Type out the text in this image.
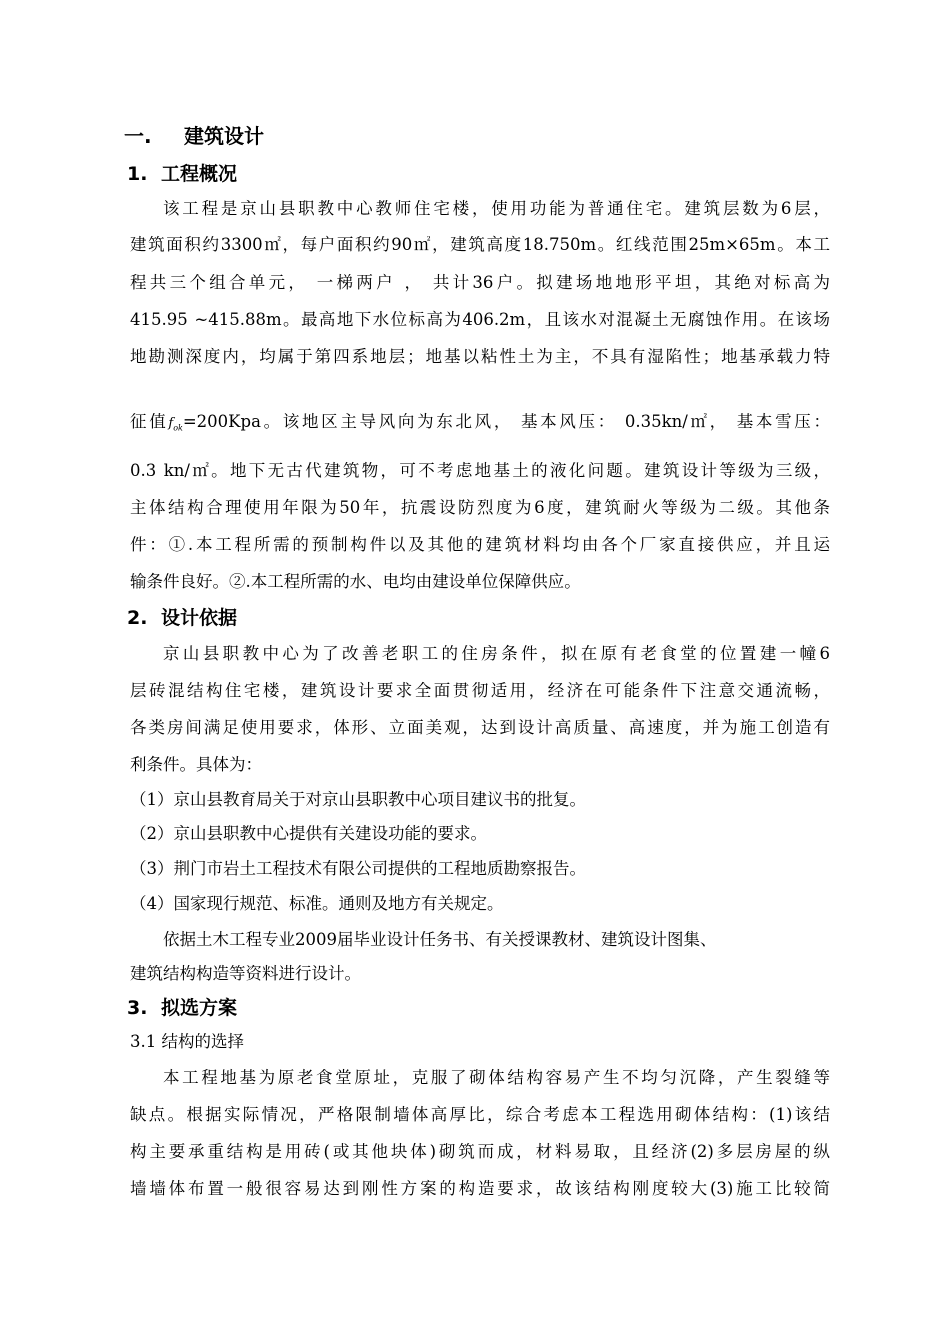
一. 建筑设计
1. 工程概况
该工程是京山县职教中心教师住宅楼，使用功能为普通住宅。建筑层数为6层，
建筑面积约3300㎡，每户面积约90㎡，建筑高度18.750m。红线范围25m×65m。本工
程共三个组合单元， 一梯两户 ， 共计36户。拟建场地地形平坦，其绝对标高为
415.95 ~415.88m。最高地下水位标高为406.2m，且该水对混凝土无腐蚀作用。在该场
地勘测深度内，均属于第四系地层；地基以粘性土为主，不具有湿陷性；地基承载力特
征值$f_{ok}=200Kpa$。该地区主导风向为东北风， 基本风压： 0.35kn/㎡， 基本雪压：
0.3 kn/㎡。地下无古代建筑物，可不考虑地基土的液化问题。建筑设计等级为三级，
主体结构合理使用年限为50年，抗震设防烈度为6度，建筑耐火等级为二级。其他条
件：①.本工程所需的预制构件以及其他的建筑材料均由各个厂家直接供应，并且运
输条件良好。②.本工程所需的水、电均由建设单位保障供应。
2. 设计依据
京山县职教中心为了改善老职工的住房条件，拟在原有老食堂的位置建一幢6
层砖混结构住宅楼，建筑设计要求全面贯彻适用，经济在可能条件下注意交通流畅，
各类房间满足使用要求，体形、立面美观，达到设计高质量、高速度，并为施工创造有
利条件。具体为：
（1）京山县教育局关于对京山县职教中心项目建议书的批复。
（2）京山县职教中心提供有关建设功能的要求。
（3）荆门市岩土工程技术有限公司提供的工程地质勘察报告。
（4）国家现行规范、标准。通则及地方有关规定。
依据土木工程专业2009届毕业设计任务书、有关授课教材、建筑设计图集、
建筑结构构造等资料进行设计。
3. 拟选方案
3.1 结构的选择
本工程地基为原老食堂原址，克服了砌体结构容易产生不均匀沉降，产生裂缝等
缺点。根据实际情况，严格限制墙体高厚比，综合考虑本工程选用砌体结构：(1)该结
构主要承重结构是用砖(或其他块体)砌筑而成，材料易取，且经济(2)多层房屋的纵
墙墙体布置一般很容易达到刚性方案的构造要求，故该结构刚度较大(3)施工比较简
